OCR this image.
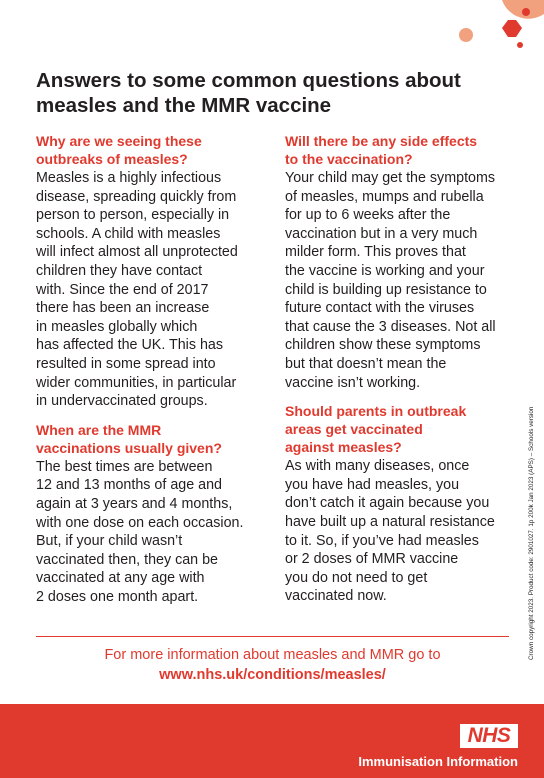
Answers to some common questions about
measles and the MMR vaccine
Why are we seeing these
outbreaks of measles?
Measles is a highly infectious
disease, spreading quickly from
person to person, especially in
schools. A child with measles
will infect almost all unprotected
children they have contact
with. Since the end of 2017
there has been an increase
in measles globally which
has affected the UK. This has
resulted in some spread into
wider communities, in particular
in undervaccinated groups.
When are the MMR
vaccinations usually given?
The best times are between
12 and 13 months of age and
again at 3 years and 4 months,
with one dose on each occasion.
But, if your child wasn’t
vaccinated then, they can be
vaccinated at any age with
2 doses one month apart.
Will there be any side effects
to the vaccination?
Your child may get the symptoms
of measles, mumps and rubella
for up to 6 weeks after the
vaccination but in a very much
milder form. This proves that
the vaccine is working and your
child is building up resistance to
future contact with the viruses
that cause the 3 diseases. Not all
children show these symptoms
but that doesn’t mean the
vaccine isn’t working.
Should parents in outbreak
areas get vaccinated
against measles?
As with many diseases, once
you have had measles, you
don’t catch it again because you
have built up a natural resistance
to it. So, if you’ve had measles
or 2 doses of MMR vaccine
you do not need to get
vaccinated now.	Crown copyright 2023. Product code: 2901027. 1p 200k Jan 2023 (APS) – Schools version
For more information about measles and MMR go to
www.nhs.uk/conditions/measles/
NHS
Immunisation Information
